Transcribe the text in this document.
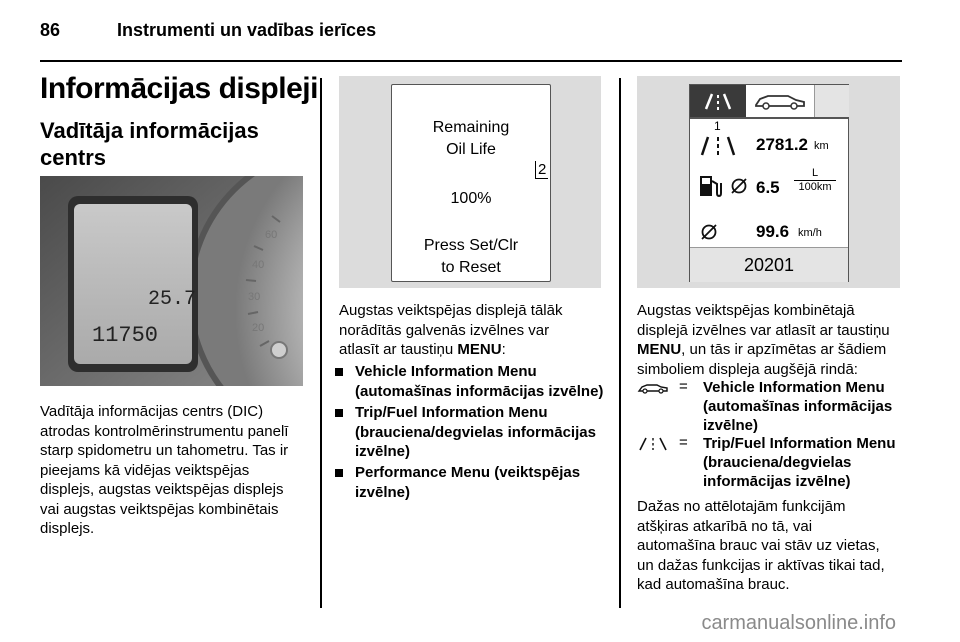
86	Instrumenti un vadības ierīces
Informācijas displeji
Vadītāja informācijas
centrs
60
40
30
20
25.7
11750
Vadītāja informācijas centrs (DIC)
atrodas kontrolmērinstrumentu panelī
starp spidometru un tahometru. Tas ir
pieejams kā vidējas veiktspējas
displejs, augstas veiktspējas displejs
vai augstas veiktspējas kombinētais
displejs.
Remaining
Oil Life
2
100%
Press Set/Clr
to Reset
Augstas veiktspējas displejā tālāk
norādītās galvenās izvēlnes var
atlasīt ar taustiņu MENU:
Vehicle Information Menu
(automašīnas informācijas izvēlne)
Trip/Fuel Information Menu
(brauciena/degvielas informācijas
izvēlne)
Performance Menu (veiktspējas
izvēlne)
1
2781.2 km
6.5
L
100km
99.6 km/h
20201
Augstas veiktspējas kombinētajā
displejā izvēlnes var atlasīt ar taustiņu
MENU, un tās ir apzīmētas ar šādiem
simboliem displeja augšējā rindā:
= Vehicle Information Menu
(automašīnas informācijas
izvēlne)
= Trip/Fuel Information Menu
(brauciena/degvielas
informācijas izvēlne)
Dažas no attēlotajām funkcijām
atšķiras atkarībā no tā, vai
automašīna brauc vai stāv uz vietas,
un dažas funkcijas ir aktīvas tikai tad,
kad automašīna brauc.
carmanualsonline.info
